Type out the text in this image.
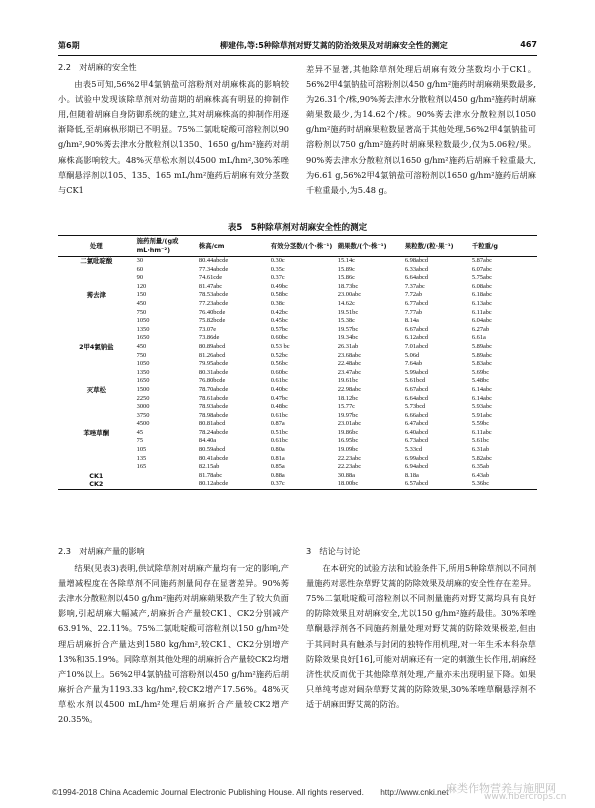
第6期	柳建伟,等:5种除草剂对野艾蒿的防治效果及对胡麻安全性的测定	467

2.2　对胡麻的安全性

由表5可知,56%2甲4氯钠盐可溶粉剂对胡麻株高的影响较小。试验中发现该除草剂对幼苗期的胡麻株高有明显的抑制作用,但随着胡麻自身防御系统的建立,其对胡麻株高的抑制作用逐渐降低,至胡麻枞形期已不明显。75%二氯吡啶酸可溶粒剂以90 g/hm²,90%莠去津水分散粒剂以1350、1650 g/hm²施药对胡麻株高影响较大。48%灭草松水剂以4500 mL/hm²,30%苯唑草酮悬浮剂以105、135、165 mL/hm²施药后胡麻有效分茎数与CK1

差异不显著,其他除草剂处理后胡麻有效分茎数均小于CK1。56%2甲4氯钠盐可溶粉剂以450 g/hm²施药时胡麻蒴果数最多,为26.31个/株,90%莠去津水分散粒剂以450 g/hm²施药时胡麻蒴果数最少,为14.62个/株。90%莠去津水分散粒剂以1050 g/hm²施药时胡麻果粒数显著高于其他处理,56%2甲4氯钠盐可溶粉剂以750 g/hm²施药时胡麻果粒数最少,仅为5.06粒/果。90%莠去津水分散粒剂以1650 g/hm²施药后胡麻千粒重最大,为6.61 g,56%2甲4氯钠盐可溶粉剂以1650 g/hm²施药后胡麻千粒重最小,为5.48 g。

表5　5种除草剂对胡麻安全性的测定
处理	施药剂量/(g或mL·hm⁻²)	株高/cm	有效分茎数/(个·株⁻¹)	蒴果数/(个·株⁻¹)	果粒数/(粒·果⁻¹)	千粒重/g
二氯吡啶酸	30	80.44abcde	0.30c	15.14c	6.98abcd	5.87abc
	60	77.34abcde	0.35c	15.89c	6.33abcd	6.07abc
	90	74.61cde	0.37c	15.86c	6.64abcd	5.75abc
	120	81.47abc	0.49bc	18.73bc	7.37abc	6.08abc
莠去津	150	78.53abcde	0.58bc	23.00abc	7.72ab	6.18abc
	450	77.23abcde	0.38c	14.62c	6.77abcd	6.13abc
	750	76.40bcde	0.42bc	19.51bc	7.77ab	6.11abc
	1050	75.82bcde	0.45bc	15.38c	8.14a	6.04abc
	1350	73.07e	0.57bc	19.57bc	6.67abcd	6.27ab
	1650	73.86de	0.60bc	19.34bc	6.12abcd	6.61a
2甲4氯钠盐	450	80.89abcd	0.53 bc	26.31ab	7.01abcd	5.89abc
	750	81.26abcd	0.52bc	23.68abc	5.06d	5.89abc
	1050	79.95abcde	0.56bc	22.48abc	7.64ab	5.83abc
	1350	80.31abcde	0.60bc	23.47abc	5.99abcd	5.69bc
	1650	76.80bcde	0.61bc	19.61bc	5.61bcd	5.48bc
灭草松	1500	78.70abcde	0.40bc	22.98abc	6.67abcd	6.14abc
	2250	78.61abcde	0.47bc	18.12bc	6.64abcd	6.14abc
	3000	78.93abcde	0.48bc	15.77c	5.73bcd	5.93abc
	3750	78.98abcde	0.61bc	19.97bc	6.66abcd	5.91abc
	4500	80.81abcd	0.87a	23.01abc	6.47abcd	5.59bc
苯唑草酮	45	78.24abcde	0.51bc	19.86bc	6.40abcd	6.11abc
	75	84.40a	0.61bc	16.95bc	6.73abcd	5.61bc
	105	80.59abcd	0.80a	19.09bc	5.33cd	6.31ab
	135	80.41abcde	0.81a	22.23abc	6.99abcd	5.82abc
	165	82.15ab	0.85a	22.23abc	6.94abcd	6.35ab
CK1		81.78abc	0.88a	30.88a	8.18a	6.43ab
CK2		80.12abcde	0.37c	18.00bc	6.57abcd	5.36bc

2.3　对胡麻产量的影响

结果(见表3)表明,供试除草剂对胡麻产量均有一定的影响,产量增减程度在各除草剂不同施药剂量间存在显著差异。90%莠去津水分散粒剂以450 g/hm²施药对胡麻蒴果数产生了较大负面影响,引起胡麻大幅减产,胡麻折合产量较CK1、CK2分别减产63.91%、22.11%。75%二氯吡啶酸可溶粒剂以150 g/hm²处理后胡麻折合产量达到1580 kg/hm²,较CK1、CK2分别增产13%和35.19%。同除草剂其他处理的胡麻折合产量较CK2均增产10%以上。56%2甲4氯钠盐可溶粉剂以450 g/hm²施药后胡麻折合产量为1193.33 kg/hm²,较CK2增产17.56%。48%灭草松水剂以4500 mL/hm²处理后胡麻折合产量较CK2增产20.35%。

3　结论与讨论

在本研究的试验方法和试验条件下,所用5种除草剂以不同剂量施药对恶性杂草野艾蒿的防除效果及胡麻的安全性存在差异。75%二氯吡啶酸可溶粒剂以不同剂量施药对野艾蒿均具有良好的防除效果且对胡麻安全,尤以150 g/hm²施药最佳。30%苯唑草酮悬浮剂各不同施药剂量处理对野艾蒿的防除效果极差,但由于其同时具有触杀与封闭的独特作用机理,对一年生禾本科杂草防除效果良好[16],可能对胡麻还有一定的刺激生长作用,胡麻经济性状反而优于其他除草剂处理,产量亦未出现明显下降。如果只单纯考虑对阔杂草野艾蒿的防除效果,30%苯唑草酮悬浮剂不适于胡麻田野艾蒿的防治。

©1994-2018 China Academic Journal Electronic Publishing House. All rights reserved.　　http://www.cnki.net
麻类作物营养与施肥网
www.fibercrops.cn
